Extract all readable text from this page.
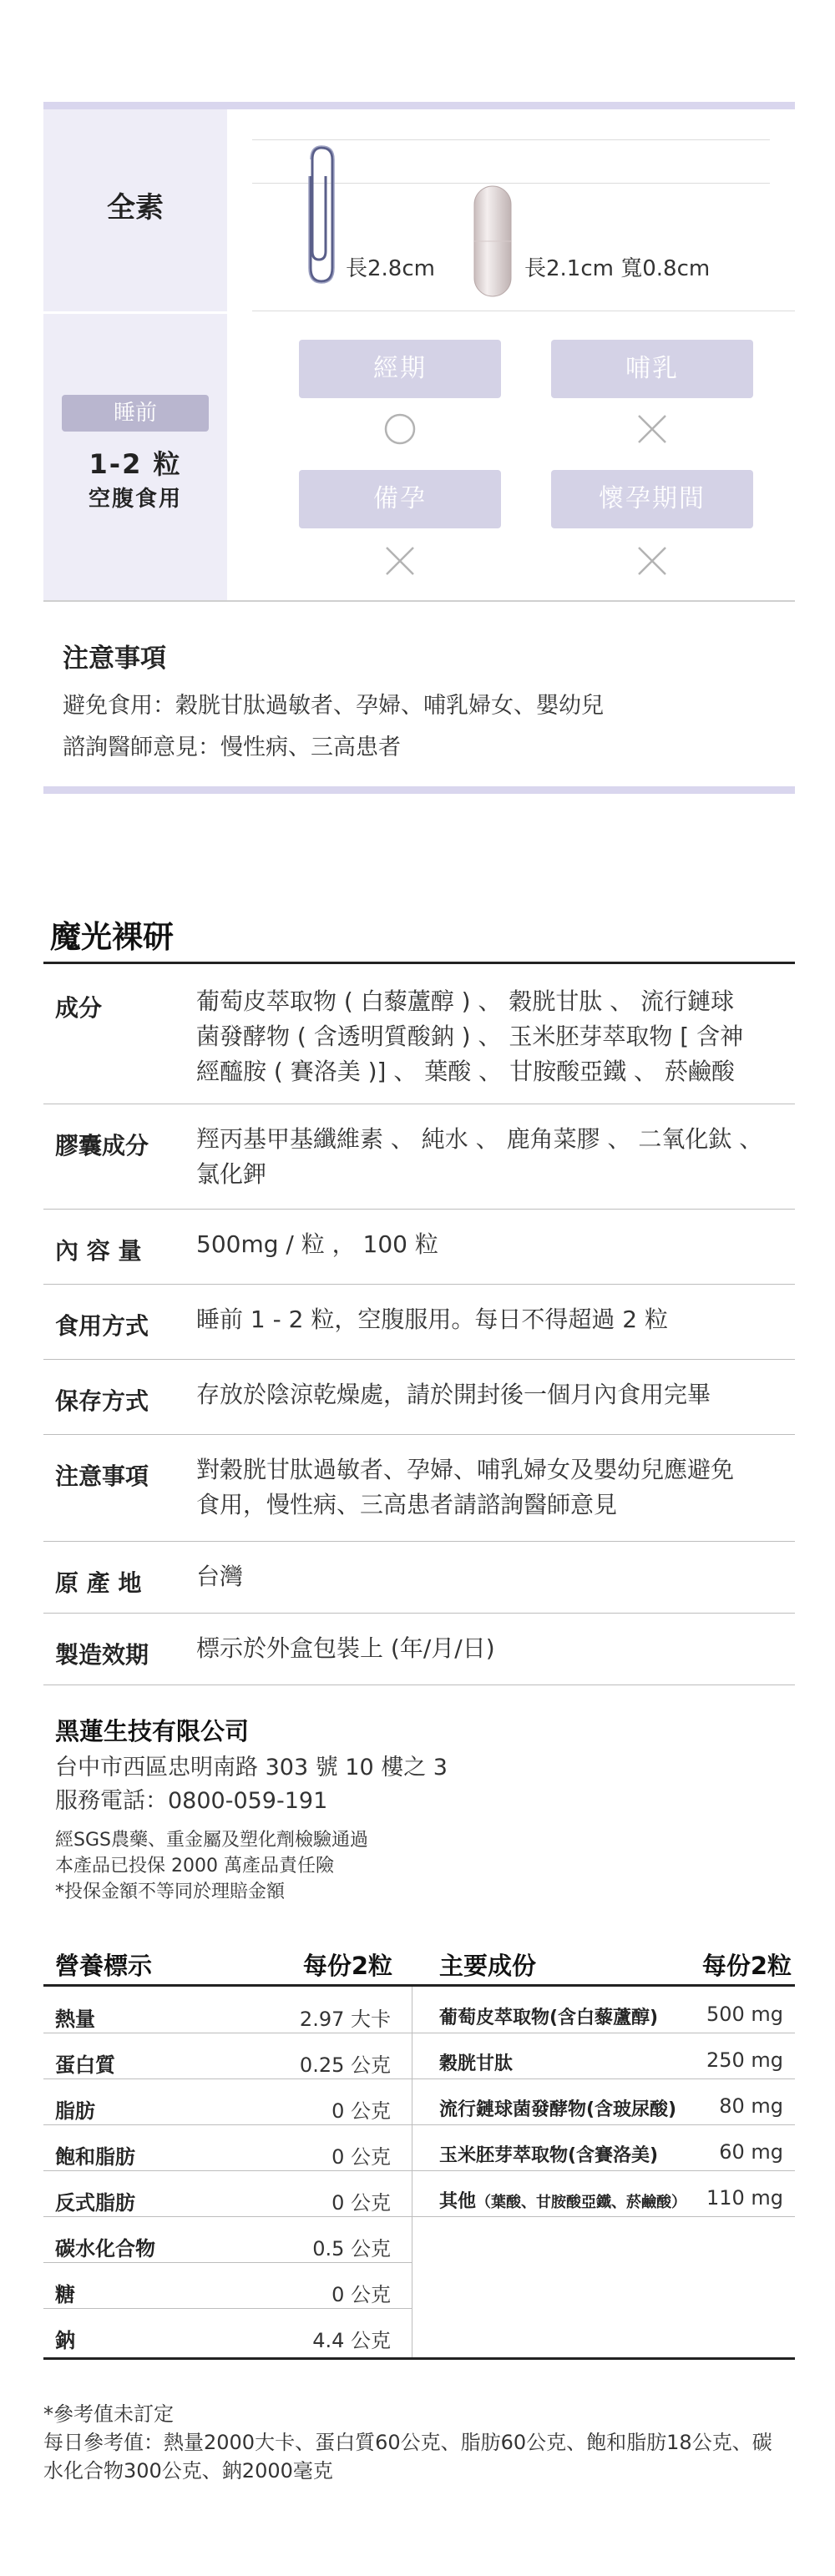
全素
睡前
1-2 粒
空腹食用
長2.8cm	長2.1cm 寬0.8cm
經期	哺乳
備孕	懷孕期間
注意事項
避免食用：穀胱甘肽過敏者、孕婦、哺乳婦女、嬰幼兒
諮詢醫師意見：慢性病、三高患者
魔光裸研
成分	葡萄皮萃取物 ( 白藜蘆醇 ) 、 穀胱甘肽 、 流行鏈球
菌發酵物 ( 含透明質酸鈉 ) 、 玉米胚芽萃取物 [ 含神
經醯胺 ( 賽洛美 )] 、 葉酸 、 甘胺酸亞鐵 、 菸鹼酸
膠囊成分 羥丙基甲基纖維素 、 純水 、 鹿角菜膠 、 二氧化鈦 、
氯化鉀
內 容 量 500mg / 粒 ， 100 粒
食用方式 睡前 1 - 2 粒，空腹服用。每日不得超過 2 粒
保存方式 存放於陰涼乾燥處，請於開封後一個月內食用完畢
注意事項 對穀胱甘肽過敏者、孕婦、哺乳婦女及嬰幼兒應避免
食用，慢性病、三高患者請諮詢醫師意見
原 產 地 台灣
製造效期 標示於外盒包裝上 (年/月/日)
黑蓮生技有限公司
台中市西區忠明南路 303 號 10 樓之 3
服務電話：0800-059-191
經SGS農藥、重金屬及塑化劑檢驗通過
本產品已投保 2000 萬產品責任險
*投保金額不等同於理賠金額
營養標示	每份2粒 主要成份	每份2粒
熱量	2.97 大卡
蛋白質	0.25 公克
脂肪	0 公克
飽和脂肪	0 公克
反式脂肪	0 公克
碳水化合物	0.5 公克
糖	0 公克
鈉	4.4 公克
葡萄皮萃取物(含白藜蘆醇) 500 mg
穀胱甘肽	250 mg
流行鏈球菌發酵物(含玻尿酸) 80 mg
玉米胚芽萃取物(含賽洛美)	60 mg
其他（葉酸、甘胺酸亞鐵、菸鹼酸） 110 mg
*參考值未訂定
每日參考值：熱量2000大卡、蛋白質60公克、脂肪60公克、飽和脂肪18公克、碳
水化合物300公克、鈉2000毫克
